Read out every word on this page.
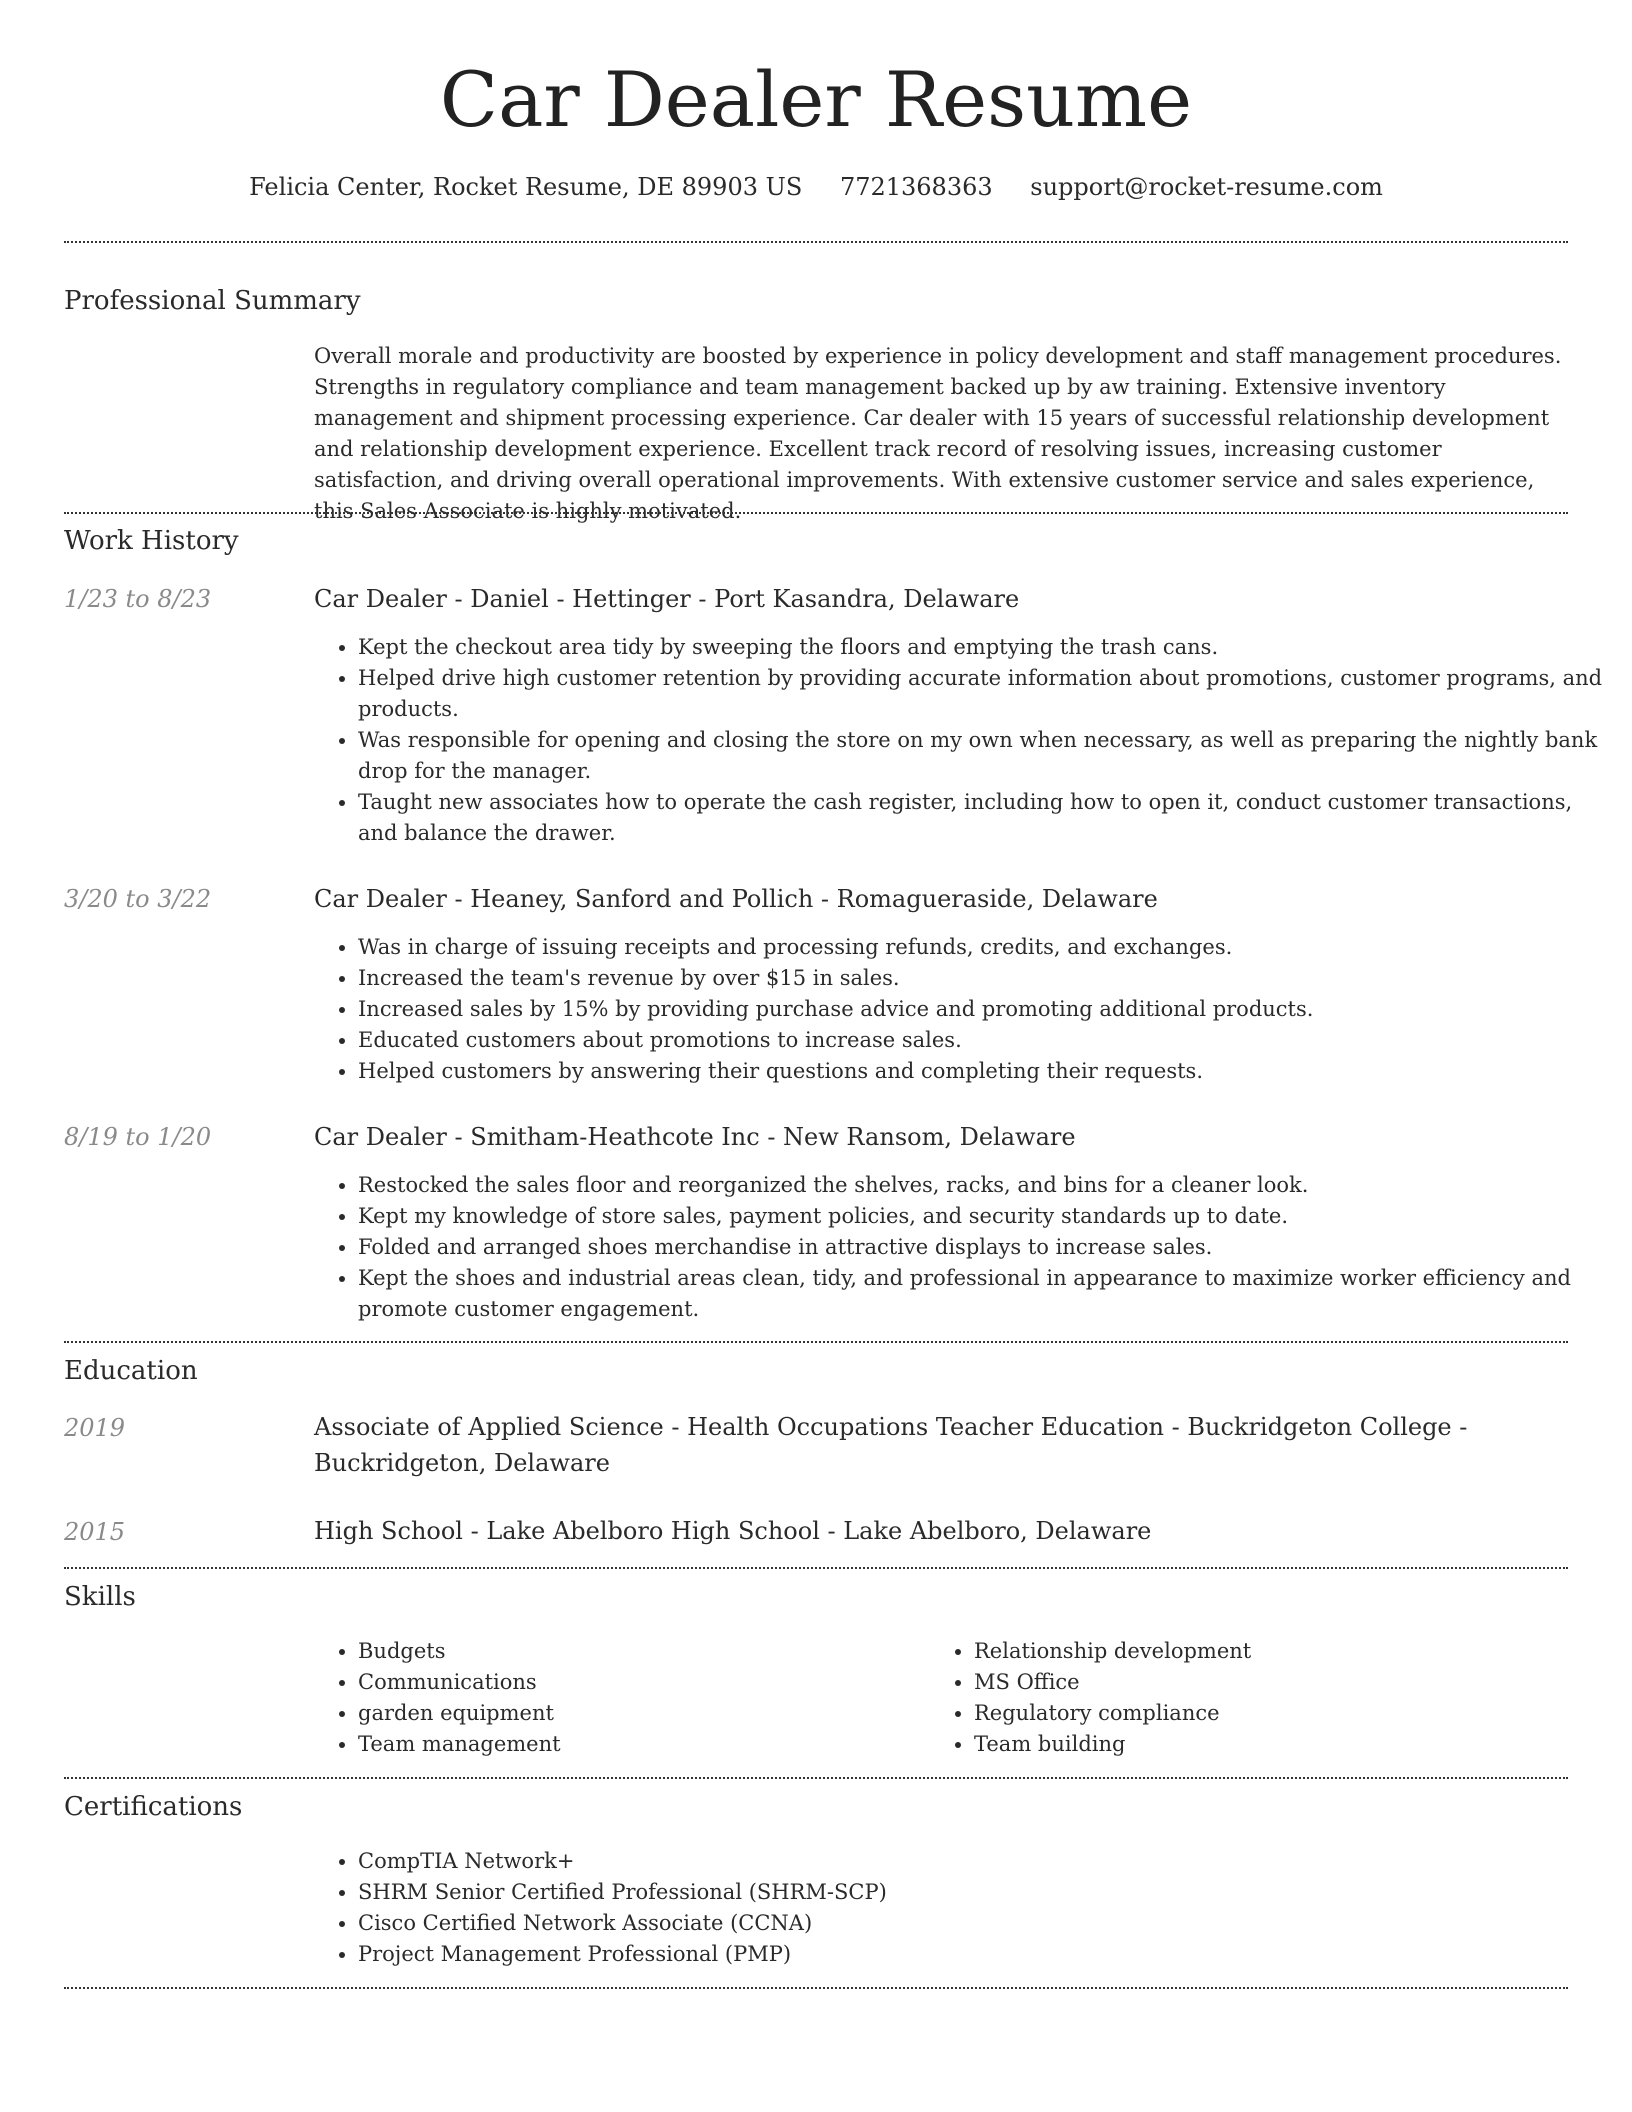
Car Dealer Resume
Felicia Center, Rocket Resume, DE 89903 US 7721368363 support@rocket-resume.com
Professional Summary
Overall morale and productivity are boosted by experience in policy development and staff management procedures. Strengths in regulatory compliance and team management backed up by aw training. Extensive inventory management and shipment processing experience. Car dealer with 15 years of successful relationship development and relationship development experience. Excellent track record of resolving issues, increasing customer satisfaction, and driving overall operational improvements. With extensive customer service and sales experience, this Sales Associate is highly motivated.
Work History
1/23 to 8/23	Car Dealer - Daniel - Hettinger - Port Kasandra, Delaware
• Kept the checkout area tidy by sweeping the floors and emptying the trash cans.
• Helped drive high customer retention by providing accurate information about promotions, customer programs, and products.
• Was responsible for opening and closing the store on my own when necessary, as well as preparing the nightly bank drop for the manager.
• Taught new associates how to operate the cash register, including how to open it, conduct customer transactions, and balance the drawer.
3/20 to 3/22	Car Dealer - Heaney, Sanford and Pollich - Romagueraside, Delaware
• Was in charge of issuing receipts and processing refunds, credits, and exchanges.
• Increased the team's revenue by over $15 in sales.
• Increased sales by 15% by providing purchase advice and promoting additional products.
• Educated customers about promotions to increase sales.
• Helped customers by answering their questions and completing their requests.
8/19 to 1/20	Car Dealer - Smitham-Heathcote Inc - New Ransom, Delaware
• Restocked the sales floor and reorganized the shelves, racks, and bins for a cleaner look.
• Kept my knowledge of store sales, payment policies, and security standards up to date.
• Folded and arranged shoes merchandise in attractive displays to increase sales.
• Kept the shoes and industrial areas clean, tidy, and professional in appearance to maximize worker efficiency and promote customer engagement.
Education
2019	Associate of Applied Science - Health Occupations Teacher Education - Buckridgeton College - Buckridgeton, Delaware
2015	High School - Lake Abelboro High School - Lake Abelboro, Delaware
Skills
• Budgets
• Communications
• garden equipment
• Team management
• Relationship development
• MS Office
• Regulatory compliance
• Team building
Certifications
• CompTIA Network+
• SHRM Senior Certified Professional (SHRM-SCP)
• Cisco Certified Network Associate (CCNA)
• Project Management Professional (PMP)
